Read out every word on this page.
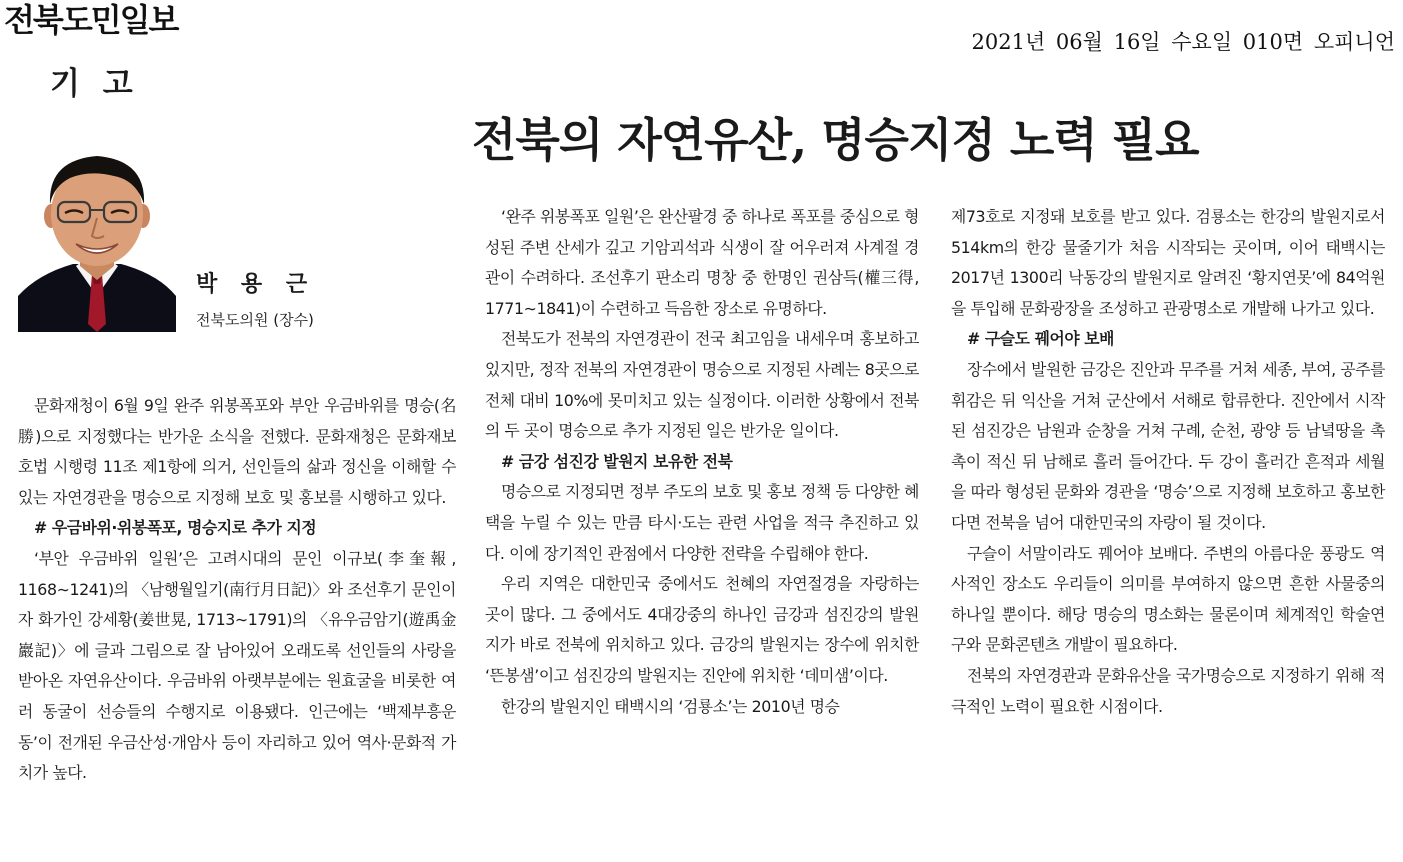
전북도민일보
2021년 06월 16일 수요일 010면 오피니언
기 고
전북의 자연유산, 명승지정 노력 필요
박 용 근
전북도의원 (장수)

문화재청이 6월 9일 완주 위봉폭포와 부안 우금바위를 명승(名勝)으로 지정했다는 반가운 소식을 전했다. 문화재청은 문화재보호법 시행령 11조 제1항에 의거, 선인들의 삶과 정신을 이해할 수 있는 자연경관을 명승으로 지정해 보호 및 홍보를 시행하고 있다.

# 우금바위·위봉폭포, 명승지로 추가 지정

‘부안 우금바위 일원’은 고려시대의 문인 이규보(李奎報, 1168∼1241)의 〈남행월일기(南行月日記)〉와 조선후기 문인이자 화가인 강세황(姜世晃, 1713∼1791)의 〈유우금암기(遊禹金巖記)〉에 글과 그림으로 잘 남아있어 오래도록 선인들의 사랑을 받아온 자연유산이다. 우금바위 아랫부분에는 원효굴을 비롯한 여러 동굴이 선승들의 수행지로 이용됐다. 인근에는 ‘백제부흥운동’이 전개된 우금산성·개암사 등이 자리하고 있어 역사·문화적 가치가 높다.

‘완주 위봉폭포 일원’은 완산팔경 중 하나로 폭포를 중심으로 형성된 주변 산세가 깊고 기암괴석과 식생이 잘 어우러져 사계절 경관이 수려하다. 조선후기 판소리 명창 중 한명인 권삼득(權三得, 1771∼1841)이 수련하고 득음한 장소로 유명하다.

전북도가 전북의 자연경관이 전국 최고임을 내세우며 홍보하고 있지만, 정작 전북의 자연경관이 명승으로 지정된 사례는 8곳으로 전체 대비 10%에 못미치고 있는 실정이다. 이러한 상황에서 전북의 두 곳이 명승으로 추가 지정된 일은 반가운 일이다.

# 금강 섬진강 발원지 보유한 전북

명승으로 지정되면 정부 주도의 보호 및 홍보 정책 등 다양한 혜택을 누릴 수 있는 만큼 타시·도는 관련 사업을 적극 추진하고 있다. 이에 장기적인 관점에서 다양한 전략을 수립해야 한다.

우리 지역은 대한민국 중에서도 천혜의 자연절경을 자랑하는 곳이 많다. 그 중에서도 4대강중의 하나인 금강과 섬진강의 발원지가 바로 전북에 위치하고 있다. 금강의 발원지는 장수에 위치한 ‘뜬봉샘’이고 섬진강의 발원지는 진안에 위치한 ‘데미샘’이다.

한강의 발원지인 태백시의 ‘검룡소’는 2010년 명승

제73호로 지정돼 보호를 받고 있다. 검룡소는 한강의 발원지로서 514km의 한강 물줄기가 처음 시작되는 곳이며, 이어 태백시는 2017년 1300리 낙동강의 발원지로 알려진 ‘황지연못’에 84억원을 투입해 문화광장을 조성하고 관광명소로 개발해 나가고 있다.

# 구슬도 꿰어야 보배

장수에서 발원한 금강은 진안과 무주를 거쳐 세종, 부여, 공주를 휘감은 뒤 익산을 거쳐 군산에서 서해로 합류한다. 진안에서 시작된 섬진강은 남원과 순창을 거쳐 구례, 순천, 광양 등 남녘땅을 촉촉이 적신 뒤 남해로 흘러 들어간다. 두 강이 흘러간 흔적과 세월을 따라 형성된 문화와 경관을 ‘명승’으로 지정해 보호하고 홍보한다면 전북을 넘어 대한민국의 자랑이 될 것이다.

구슬이 서말이라도 꿰어야 보배다. 주변의 아름다운 풍광도 역사적인 장소도 우리들이 의미를 부여하지 않으면 흔한 사물중의 하나일 뿐이다. 해당 명승의 명소화는 물론이며 체계적인 학술연구와 문화콘텐츠 개발이 필요하다.

전북의 자연경관과 문화유산을 국가명승으로 지정하기 위해 적극적인 노력이 필요한 시점이다.
